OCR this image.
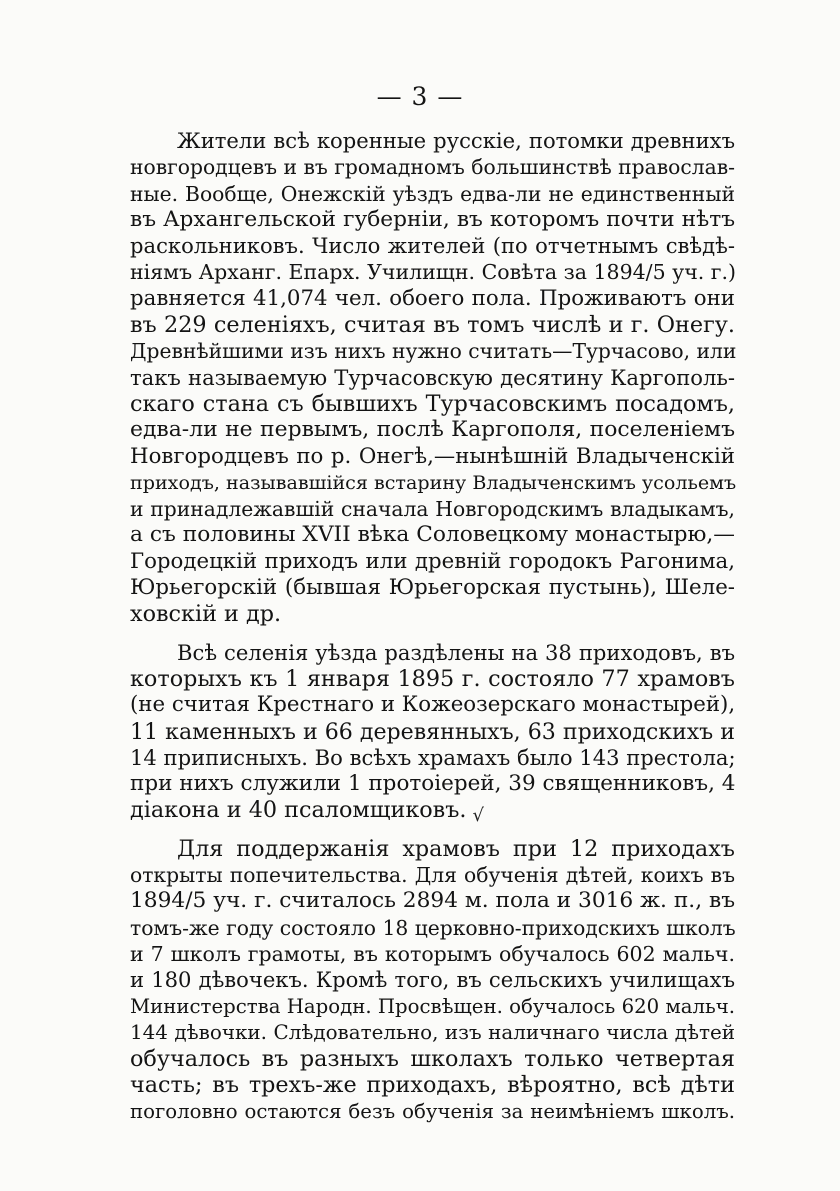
— 3 —

Жители всѣ коренные русскіе, потомки древнихъ
новгородцевъ и въ громадномъ большинствѣ православ-
ные. Вообще, Онежскій уѣздъ едва-ли не единственный
въ Архангельской губерніи, въ которомъ почти нѣтъ
раскольниковъ. Число жителей (по отчетнымъ свѣдѣ-
ніямъ Арханг. Епарх. Училищн. Совѣта за 1894/5 уч. г.)
равняется 41,074 чел. обоего пола. Проживаютъ они
въ 229 селеніяхъ, считая въ томъ числѣ и г. Онегу.
Древнѣйшими изъ нихъ нужно считать—Турчасово, или
такъ называемую Турчасовскую десятину Каргополь-
скаго стана съ бывшихъ Турчасовскимъ посадомъ,
едва-ли не первымъ, послѣ Каргополя, поселеніемъ
Новгородцевъ по р. Онегѣ,—нынѣшній Владыченскій
приходъ, называвшійся встарину Владыченскимъ усольемъ
и принадлежавшій сначала Новгородскимъ владыкамъ,
а съ половины XVII вѣка Соловецкому монастырю,—
Городецкій приходъ или древній городокъ Рагонима,
Юрьегорскій (бывшая Юрьегорская пустынь), Шеле-
ховскій и др.

Всѣ селенія уѣзда раздѣлены на 38 приходовъ, въ
которыхъ къ 1 января 1895 г. состояло 77 храмовъ
(не считая Крестнаго и Кожеозерскаго монастырей),
11 каменныхъ и 66 деревянныхъ, 63 приходскихъ и
14 приписныхъ. Во всѣхъ храмахъ было 143 престола;
при нихъ служили 1 протоіерей, 39 священниковъ, 4
діакона и 40 псаломщиковъ. √

Для поддержанія храмовъ при 12 приходахъ
открыты попечительства. Для обученія дѣтей, коихъ въ
1894/5 уч. г. считалось 2894 м. пола и 3016 ж. п., въ
томъ-же году состояло 18 церковно-приходскихъ школъ
и 7 школъ грамоты, въ которымъ обучалось 602 мальч.
и 180 дѣвочекъ. Кромѣ того, въ сельскихъ училищахъ
Министерства Народн. Просвѣщен. обучалось 620 мальч.
144 дѣвочки. Слѣдовательно, изъ наличнаго числа дѣтей
обучалось въ разныхъ школахъ только четвертая
часть; въ трехъ-же приходахъ, вѣроятно, всѣ дѣти
поголовно остаются безъ обученія за неимѣніемъ школъ.
